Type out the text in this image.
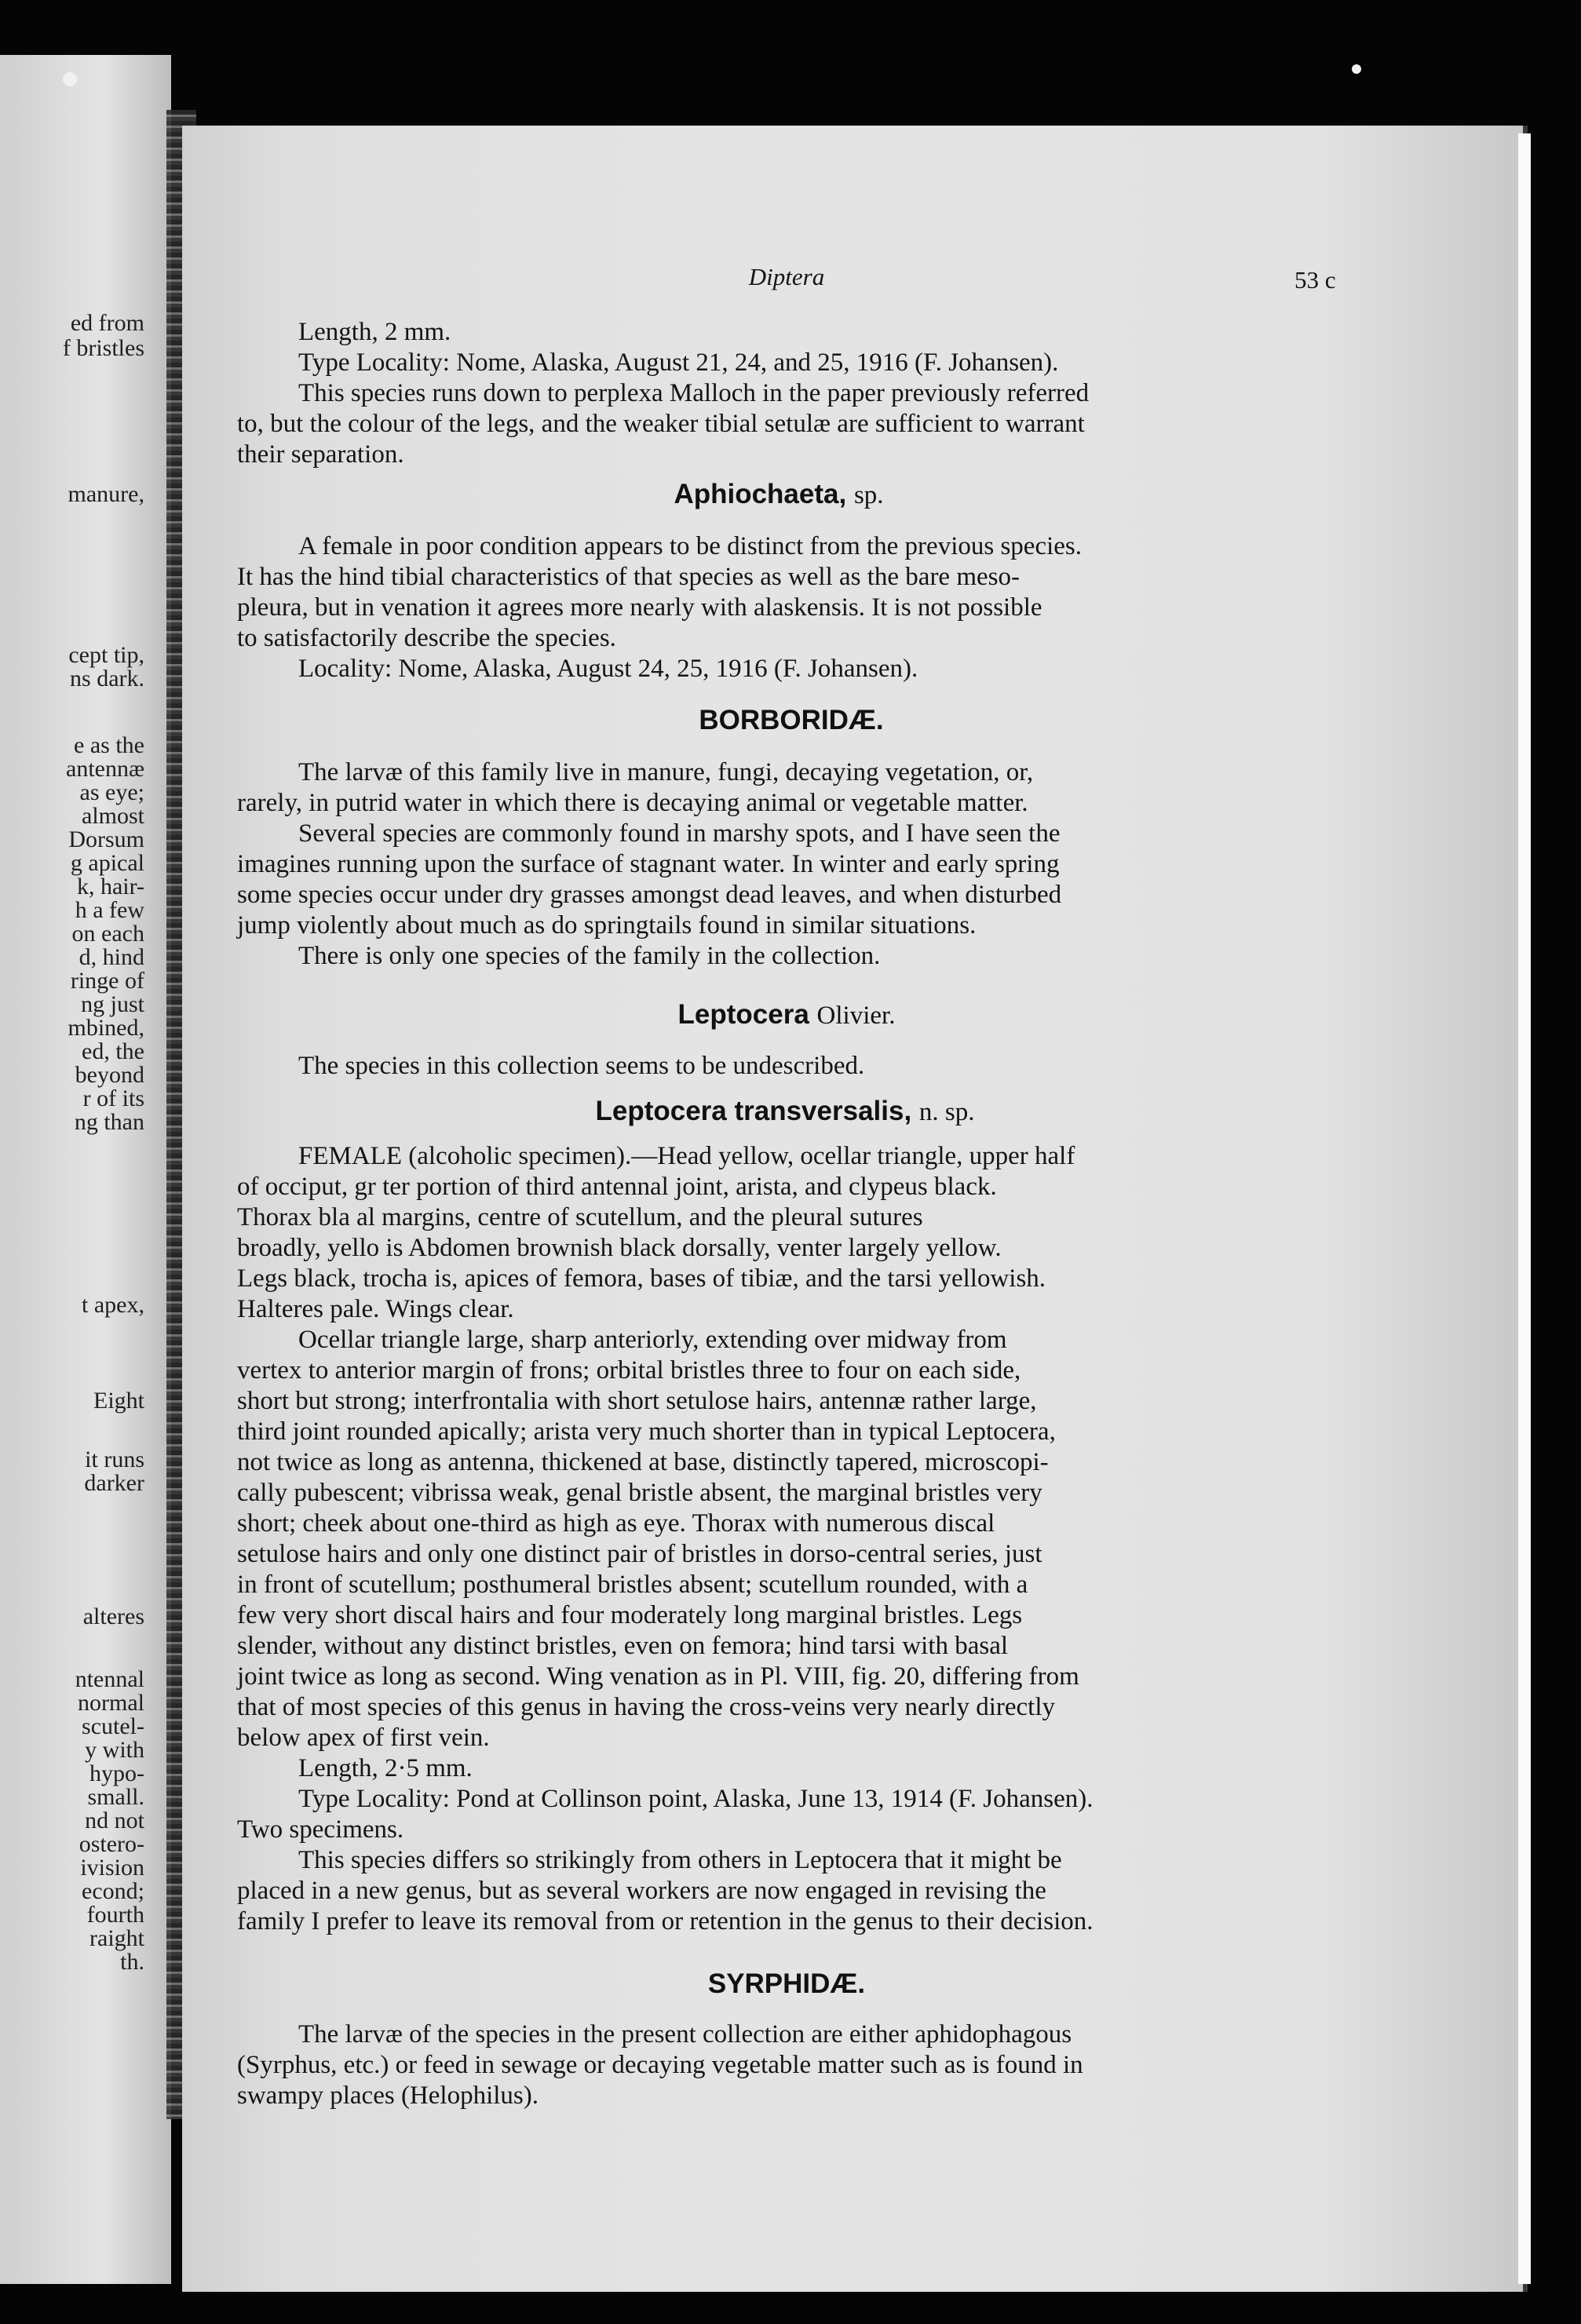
ed from
f bristles
manure,
cept tip,
ns dark.
e as the
antennæ
as eye;
almost
Dorsum
g apical
k, hair-
h a few
on each
d, hind
ringe of
ng just
mbined,
ed, the
beyond
r of its
ng than
t apex,
Eight
it runs
darker
alteres
ntennal
normal
scutel-
y with
hypo-
small.
nd not
ostero-
ivision
econd;
fourth
raight
th.
Diptera	53 c
Length, 2 mm.
Type Locality: Nome, Alaska, August 21, 24, and 25, 1916 (F. Johansen).
This species runs down to perplexa Malloch in the paper previously referred
to, but the colour of the legs, and the weaker tibial setulæ are sufficient to warrant
their separation.
Aphiochaeta, sp.
A female in poor condition appears to be distinct from the previous species.
It has the hind tibial characteristics of that species as well as the bare meso-
pleura, but in venation it agrees more nearly with alaskensis. It is not possible
to satisfactorily describe the species.
Locality: Nome, Alaska, August 24, 25, 1916 (F. Johansen).
BORBORIDÆ.
The larvæ of this family live in manure, fungi, decaying vegetation, or,
rarely, in putrid water in which there is decaying animal or vegetable matter.
Several species are commonly found in marshy spots, and I have seen the
imagines running upon the surface of stagnant water. In winter and early spring
some species occur under dry grasses amongst dead leaves, and when disturbed
jump violently about much as do springtails found in similar situations.
There is only one species of the family in the collection.
Leptocera Olivier.
The species in this collection seems to be undescribed.
Leptocera transversalis, n. sp.
FEMALE (alcoholic specimen).—Head yellow, ocellar triangle, upper half
of occiput, gr ter portion of third antennal joint, arista, and clypeus black.
Thorax bla al margins, centre of scutellum, and the pleural sutures
broadly, yello is Abdomen brownish black dorsally, venter largely yellow.
Legs black, trocha is, apices of femora, bases of tibiæ, and the tarsi yellowish.
Halteres pale. Wings clear.
Ocellar triangle large, sharp anteriorly, extending over midway from
vertex to anterior margin of frons; orbital bristles three to four on each side,
short but strong; interfrontalia with short setulose hairs, antennæ rather large,
third joint rounded apically; arista very much shorter than in typical Leptocera,
not twice as long as antenna, thickened at base, distinctly tapered, microscopi-
cally pubescent; vibrissa weak, genal bristle absent, the marginal bristles very
short; cheek about one-third as high as eye. Thorax with numerous discal
setulose hairs and only one distinct pair of bristles in dorso-central series, just
in front of scutellum; posthumeral bristles absent; scutellum rounded, with a
few very short discal hairs and four moderately long marginal bristles. Legs
slender, without any distinct bristles, even on femora; hind tarsi with basal
joint twice as long as second. Wing venation as in Pl. VIII, fig. 20, differing from
that of most species of this genus in having the cross-veins very nearly directly
below apex of first vein.
Length, 2·5 mm.
Type Locality: Pond at Collinson point, Alaska, June 13, 1914 (F. Johansen).
Two specimens.
This species differs so strikingly from others in Leptocera that it might be
placed in a new genus, but as several workers are now engaged in revising the
family I prefer to leave its removal from or retention in the genus to their decision.
SYRPHIDÆ.
The larvæ of the species in the present collection are either aphidophagous
(Syrphus, etc.) or feed in sewage or decaying vegetable matter such as is found in
swampy places (Helophilus).
